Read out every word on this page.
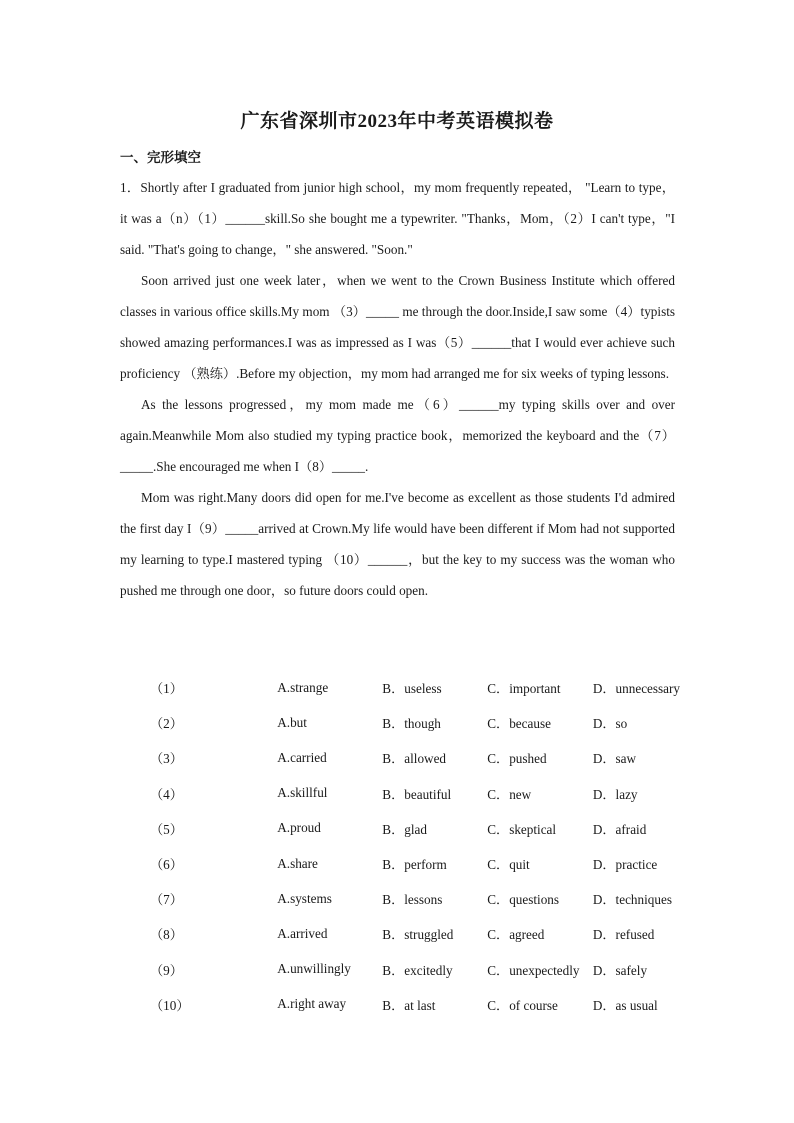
广东省深圳市2023年中考英语模拟卷
一、完形填空

1．Shortly after I graduated from junior high school，my mom frequently repeated， "Learn to type，it was a（n）（1）______skill.So she bought me a typewriter. "Thanks，Mom，（2）I can't type，"I said. "That's going to change，" she answered. "Soon."

Soon arrived just one week later，when we went to the Crown Business Institute which offered classes in various office skills.My mom （3）_____ me through the door.Inside,I saw some（4）typists showed amazing performances.I was as impressed as I was（5）______that I would ever achieve such proficiency （熟练）.Before my objection，my mom had arranged me for six weeks of typing lessons.

As the lessons progressed，my mom made me（6）______my typing skills over and over again.Meanwhile Mom also studied my typing practice book，memorized the keyboard and the（7）_____.She encouraged me when I（8）_____.

Mom was right.Many doors did open for me.I've become as excellent as those students I'd admired the first day I（9）_____arrived at Crown.My life would have been different if Mom had not supported my learning to type.I mastered typing （10）______，but the key to my success was the woman who pushed me through one door，so future doors could open.

（1）	A.strange	B．useless	C．important	D．unnecessary
（2）	A.but	B．though	C．because	D．so
（3）	A.carried	B．allowed	C．pushed	D．saw
（4）	A.skillful	B．beautiful	C．new	D．lazy
（5）	A.proud	B．glad	C．skeptical	D．afraid
（6）	A.share	B．perform	C．quit	D．practice
（7）	A.systems	B．lessons	C．questions	D．techniques
（8）	A.arrived	B．struggled	C．agreed	D．refused
（9）	A.unwillingly	B．excitedly	C．unexpectedly	D．safely
（10）	A.right away	B．at last	C．of course	D．as usual
